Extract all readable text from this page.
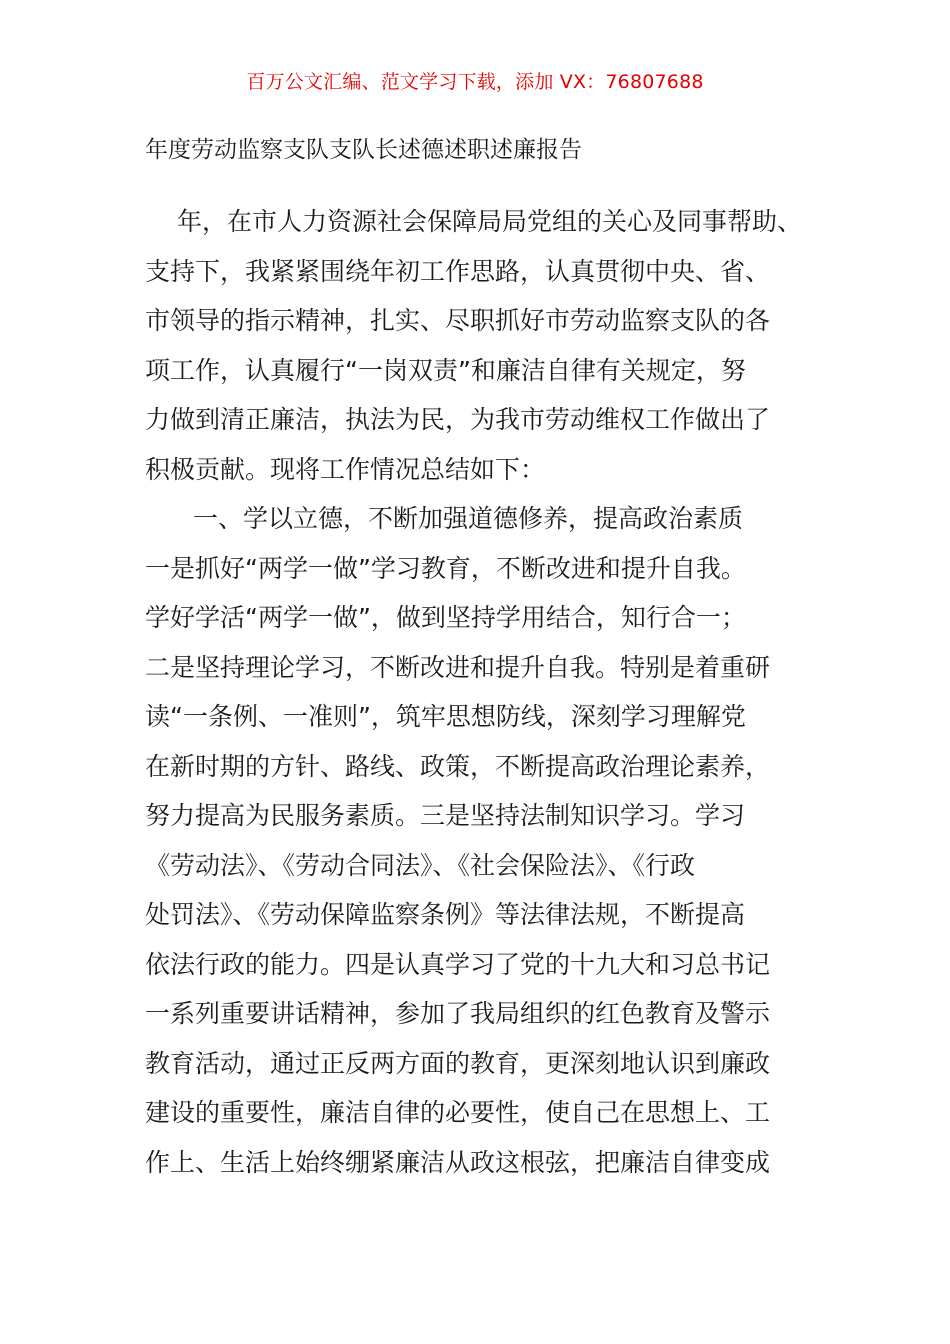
百万公文汇编、范文学习下载，添加 VX：76807688
年度劳动监察支队支队长述德述职述廉报告
年，在市人力资源社会保障局局党组的关心及同事帮助、
支持下，我紧紧围绕年初工作思路，认真贯彻中央、省、
市领导的指示精神，扎实、尽职抓好市劳动监察支队的各
项工作，认真履行“一岗双责”和廉洁自律有关规定，努
力做到清正廉洁，执法为民，为我市劳动维权工作做出了
积极贡献。现将工作情况总结如下：
一、学以立德，不断加强道德修养，提高政治素质
一是抓好“两学一做”学习教育，不断改进和提升自我。
学好学活“两学一做”，做到坚持学用结合，知行合一；
二是坚持理论学习，不断改进和提升自我。特别是着重研
读“一条例、一准则”，筑牢思想防线，深刻学习理解党
在新时期的方针、路线、政策，不断提高政治理论素养，
努力提高为民服务素质。三是坚持法制知识学习。学习
《劳动法》、《劳动合同法》、《社会保险法》、《行政
处罚法》、《劳动保障监察条例》等法律法规，不断提高
依法行政的能力。四是认真学习了党的十九大和习总书记
一系列重要讲话精神，参加了我局组织的红色教育及警示
教育活动，通过正反两方面的教育，更深刻地认识到廉政
建设的重要性，廉洁自律的必要性，使自己在思想上、工
作上、生活上始终绷紧廉洁从政这根弦，把廉洁自律变成
